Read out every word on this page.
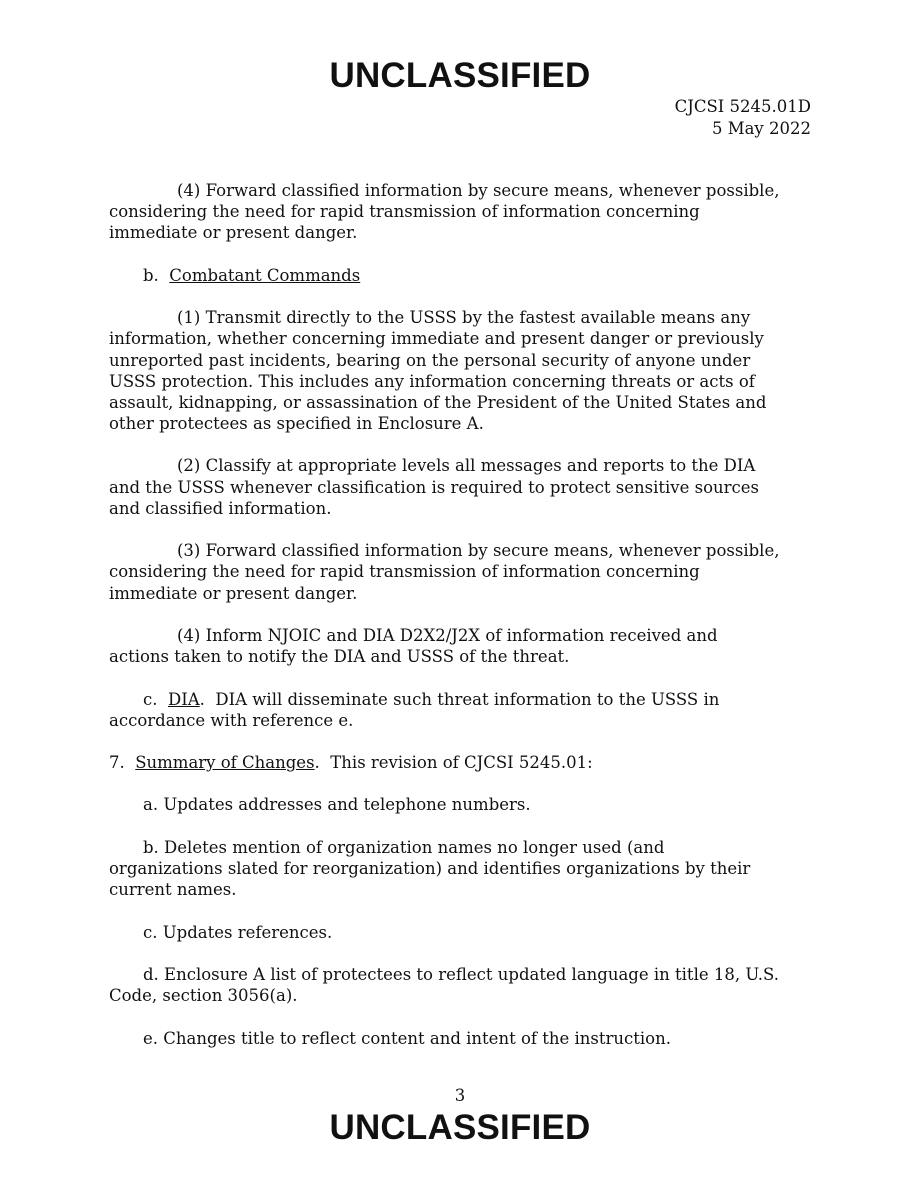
UNCLASSIFIED
CJCSI 5245.01D
5 May 2022
(4) Forward classified information by secure means, whenever possible,
considering the need for rapid transmission of information concerning
immediate or present danger.
b.  Combatant Commands
(1) Transmit directly to the USSS by the fastest available means any
information, whether concerning immediate and present danger or previously
unreported past incidents, bearing on the personal security of anyone under
USSS protection. This includes any information concerning threats or acts of
assault, kidnapping, or assassination of the President of the United States and
other protectees as specified in Enclosure A.
(2) Classify at appropriate levels all messages and reports to the DIA
and the USSS whenever classification is required to protect sensitive sources
and classified information.
(3) Forward classified information by secure means, whenever possible,
considering the need for rapid transmission of information concerning
immediate or present danger.
(4) Inform NJOIC and DIA D2X2/J2X of information received and
actions taken to notify the DIA and USSS of the threat.
c.  DIA.  DIA will disseminate such threat information to the USSS in
accordance with reference e.
7.  Summary of Changes.  This revision of CJCSI 5245.01:
a. Updates addresses and telephone numbers.
b. Deletes mention of organization names no longer used (and
organizations slated for reorganization) and identifies organizations by their
current names.
c. Updates references.
d. Enclosure A list of protectees to reflect updated language in title 18, U.S.
Code, section 3056(a).
e. Changes title to reflect content and intent of the instruction.
3
UNCLASSIFIED
